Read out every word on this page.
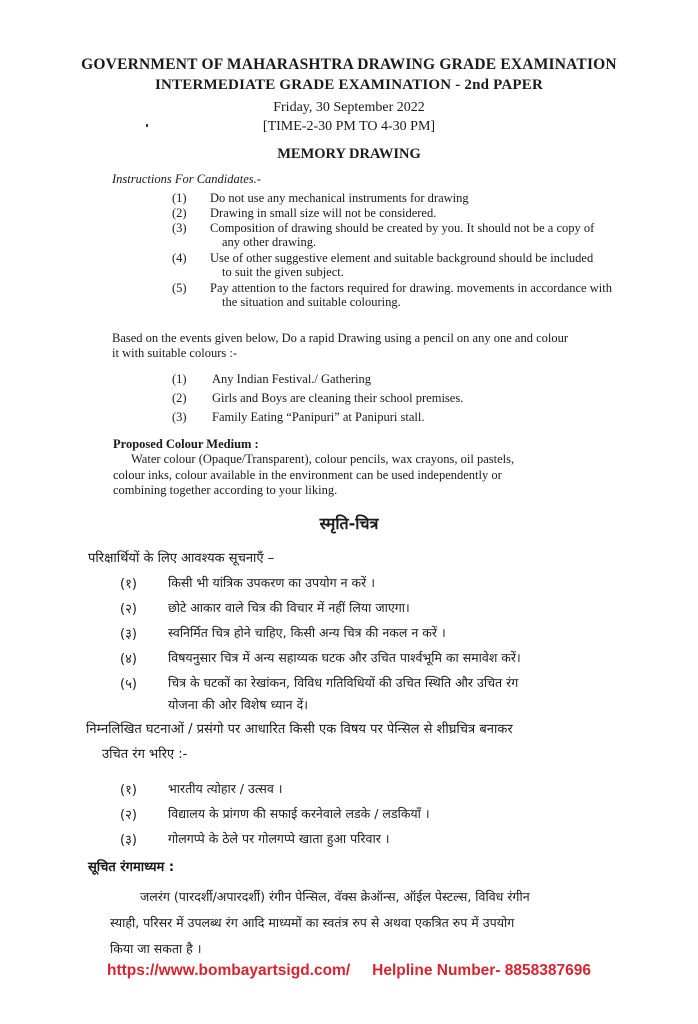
GOVERNMENT OF MAHARASHTRA DRAWING GRADE EXAMINATION
INTERMEDIATE GRADE EXAMINATION - 2nd PAPER
Friday, 30 September 2022
[TIME-2-30 PM TO 4-30 PM]
MEMORY DRAWING
Instructions For Candidates.-
(1) Do not use any mechanical instruments for drawing
(2) Drawing in small size will not be considered.
(3) Composition of drawing should be created by you. It should not be a copy of
any other drawing.
(4) Use of other suggestive element and suitable background should be included
to suit the given subject.
(5) Pay attention to the factors required for drawing. movements in accordance with
the situation and suitable colouring.
Based on the events given below, Do a rapid Drawing using a pencil on any one and colour
it with suitable colours :-
(1) Any Indian Festival./ Gathering
(2) Girls and Boys are cleaning their school premises.
(3) Family Eating “Panipuri” at Panipuri stall.
Proposed Colour Medium :
Water colour (Opaque/Transparent), colour pencils, wax crayons, oil pastels,
colour inks, colour available in the environment can be used independently or
combining together according to your liking.
स्मृति-चित्र
परिक्षार्थियों के लिए आवश्यक सूचनाएँ –
(१) किसी भी यांत्रिक उपकरण का उपयोग न करें ।
(२) छोटे आकार वाले चित्र की विचार में नहीं लिया जाएगा।
(३) स्वनिर्मित चित्र होने चाहिए, किसी अन्य चित्र की नकल न करें ।
(४) विषयनुसार चित्र में अन्य सहाय्यक घटक और उचित पार्श्वभूमि का समावेश करें।
(५) चित्र के घटकों का रेखांकन, विविध गतिविधियों की उचित स्थिति और उचित रंग
योजना की ओर विशेष ध्यान दें।
निम्नलिखित घटनाओं / प्रसंगो पर आधारित किसी एक विषय पर पेन्सिल से शीघ्रचित्र बनाकर
उचित रंग भरिए :-
(१) भारतीय त्योहार / उत्सव ।
(२) विद्यालय के प्रांगण की सफाई करनेवाले लडके / लडकियाँ ।
(३) गोलगप्पे के ठेले पर गोलगप्पे खाता हुआ परिवार ।
सूचित रंगमाध्यम :
जलरंग (पारदर्शी/अपारदर्शी) रंगीन पेन्सिल, वॅक्स क्रेऑन्स, ऑईल पेस्टल्स, विविध रंगीन
स्याही, परिसर में उपलब्ध रंग आदि माध्यमों का स्वतंत्र रुप से अथवा एकत्रित रुप में उपयोग
किया जा सकता है ।
https://www.bombayartsigd.com/ Helpline Number- 8858387696
